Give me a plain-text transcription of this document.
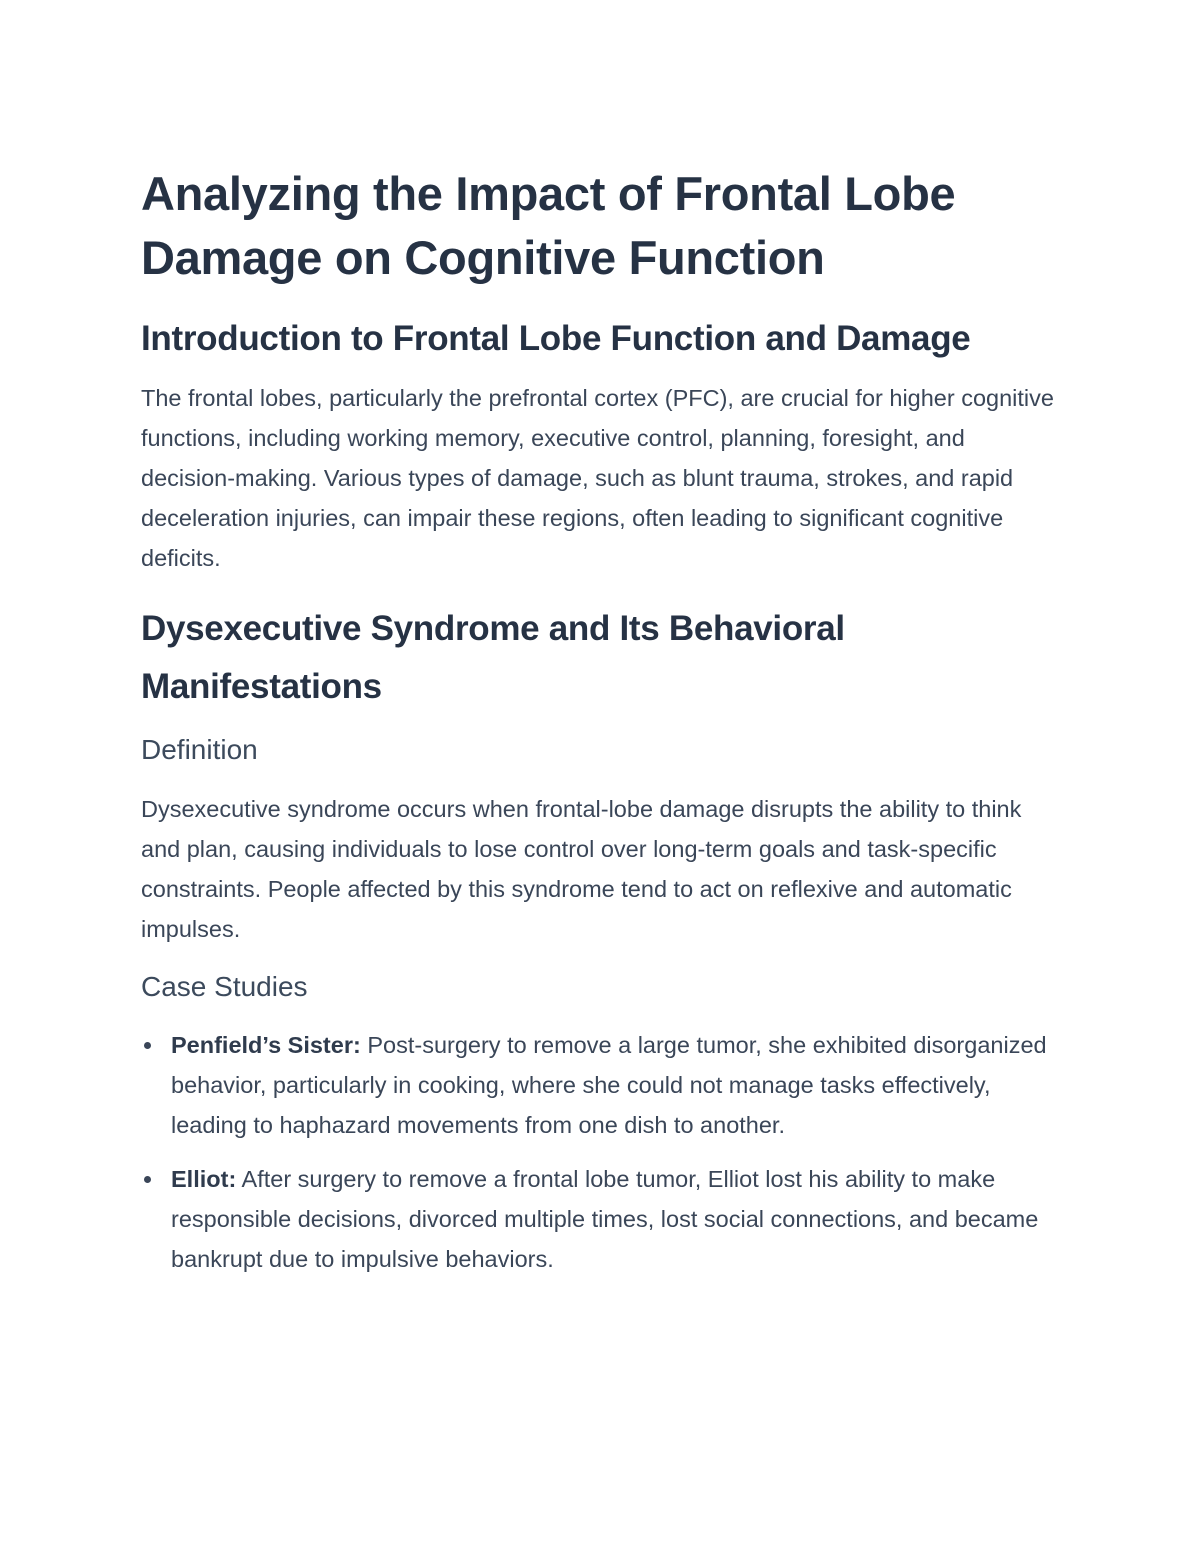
Analyzing the Impact of Frontal Lobe Damage on Cognitive Function
Introduction to Frontal Lobe Function and Damage

The frontal lobes, particularly the prefrontal cortex (PFC), are crucial for higher cognitive functions, including working memory, executive control, planning, foresight, and decision-making. Various types of damage, such as blunt trauma, strokes, and rapid deceleration injuries, can impair these regions, often leading to significant cognitive deficits.

Dysexecutive Syndrome and Its Behavioral Manifestations
Definition

Dysexecutive syndrome occurs when frontal-lobe damage disrupts the ability to think and plan, causing individuals to lose control over long-term goals and task-specific constraints. People affected by this syndrome tend to act on reflexive and automatic impulses.

Case Studies
Penfield’s Sister: Post-surgery to remove a large tumor, she exhibited disorganized behavior, particularly in cooking, where she could not manage tasks effectively, leading to haphazard movements from one dish to another.
Elliot: After surgery to remove a frontal lobe tumor, Elliot lost his ability to make responsible decisions, divorced multiple times, lost social connections, and became bankrupt due to impulsive behaviors.
